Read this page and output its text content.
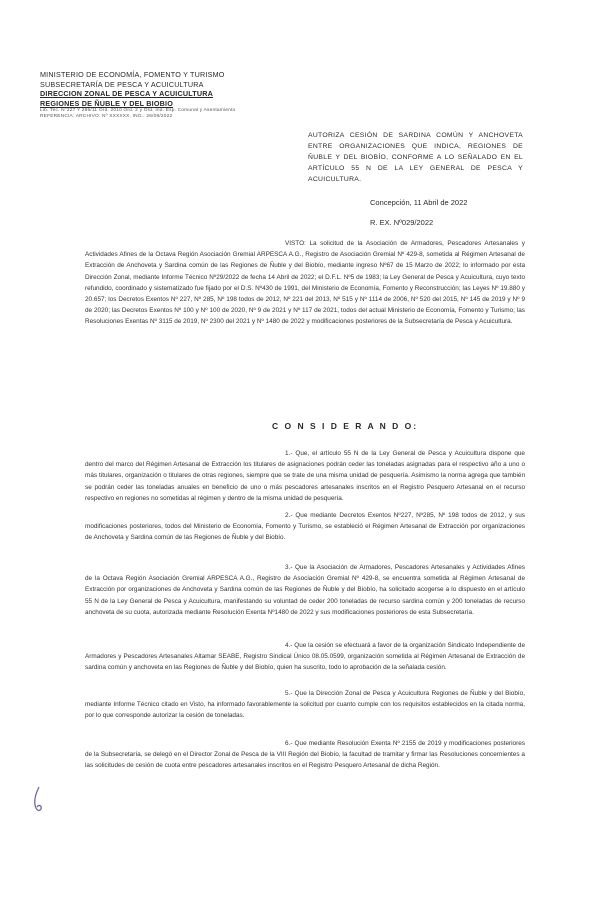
MINISTERIO DE ECONOMÍA, FOMENTO Y TURISMO
SUBSECRETARÍA DE PESCA Y ACUICULTURA
DIRECCION ZONAL DE PESCA Y ACUICULTURA
REGIONES DE ÑUBLE Y DEL BIOBIO
Lib. Tec. N°227 Y 285/11 Ord. 2010 Ord. 2 y Ord. Ind. Esp. Comunal y Asentamiento
REFERENCIA: ARCHIVO: Nº XXXXXX. ING.: 26/08/2022
AUTORIZA CESIÓN DE SARDINA COMÚN Y ANCHOVETA ENTRE ORGANIZACIONES QUE INDICA, REGIONES DE ÑUBLE Y DEL BIOBÍO, CONFORME A LO SEÑALADO EN EL ARTÍCULO 55 N DE LA LEY GENERAL DE PESCA Y ACUICULTURA.
Concepción, 11 Abril de 2022
R. EX. Nº029/2022
VISTO: La solicitud de la Asociación de Armadores, Pescadores Artesanales y Actividades Afines de la Octava Región Asociación Gremial ARPESCA A.G., Registro de Asociación Gremial Nº 429-8, sometida al Régimen Artesanal de Extracción de Anchoveta y Sardina común de las Regiones de Ñuble y del Biobío, mediante ingreso Nº67 de 15 Marzo de 2022; lo informado por esta Dirección Zonal, mediante Informe Técnico Nº29/2022 de fecha 14 Abril de 2022; el D.F.L. Nº5 de 1983; la Ley General de Pesca y Acuicultura, cuyo texto refundido, coordinado y sistematizado fue fijado por el D.S. Nº430 de 1991, del Ministerio de Economía, Fomento y Reconstrucción; las Leyes Nº 19.880 y 20.657; los Decretos Exentos Nº 227, Nº 285, Nº 198 todos de 2012, Nº 221 del 2013, Nº 515 y Nº 1114 de 2006, Nº 520 del 2015, Nº 145 de 2019 y Nº 9 de 2020; las Decretos Exentos Nº 100 y Nº 100 de 2020, Nº 9 de 2021 y Nº 117 de 2021, todos del actual Ministerio de Economía, Fomento y Turismo; las Resoluciones Exentas Nº 3115 de 2019, Nº 2300 del 2021 y Nº 1480 de 2022 y modificaciones posteriores de la Subsecretaría de Pesca y Acuicultura.
C O N S I D E R A N D O:
1.- Que, el artículo 55 N de la Ley General de Pesca y Acuicultura dispone que dentro del marco del Régimen Artesanal de Extracción los titulares de asignaciones podrán ceder las toneladas asignadas para el respectivo año a uno o más titulares, organización o titulares de otras regiones, siempre que se trate de una misma unidad de pesquería. Asimismo la norma agrega que también se podrán ceder las toneladas anuales en beneficio de uno o más pescadores artesanales inscritos en el Registro Pesquero Artesanal en el recurso respectivo en regiones no sometidas al régimen y dentro de la misma unidad de pesquería.
2.- Que mediante Decretos Exentos Nº227, Nº285, Nº 198 todos de 2012, y sus modificaciones posteriores, todos del Ministerio de Economía, Fomento y Turismo, se estableció el Régimen Artesanal de Extracción por organizaciones de Anchoveta y Sardina común de las Regiones de Ñuble y del Biobío.
3.- Que la Asociación de Armadores, Pescadores Artesanales y Actividades Afines de la Octava Región Asociación Gremial ARPESCA A.G., Registro de Asociación Gremial Nº 429-8, se encuentra sometida al Régimen Artesanal de Extracción por organizaciones de Anchoveta y Sardina común de las Regiones de Ñuble y del Biobío, ha solicitado acogerse a lo dispuesto en el artículo 55 N de la Ley General de Pesca y Acuicultura, manifestando su voluntad de ceder 200 toneladas de recurso sardina común y 200 toneladas de recurso anchoveta de su cuota, autorizada mediante Resolución Exenta Nº1480 de 2022 y sus modificaciones posteriores de esta Subsecretaría.
4.- Que la cesión se efectuará a favor de la organización Sindicato Independiente de Armadores y Pescadores Artesanales Altamar SEABE, Registro Sindical Único 08.05.0599, organización sometida al Régimen Artesanal de Extracción de sardina común y anchoveta en las Regiones de Ñuble y del Biobío, quien ha suscrito, todo lo aprobación de la señalada cesión.
5.- Que la Dirección Zonal de Pesca y Acuicultura Regiones de Ñuble y del Biobío, mediante Informe Técnico citado en Visto, ha informado favorablemente la solicitud por cuanto cumple con los requisitos establecidos en la citada norma, por lo que corresponde autorizar la cesión de toneladas.
6.- Que mediante Resolución Exenta Nº 2155 de 2019 y modificaciones posteriores de la Subsecretaría, se delegó en el Director Zonal de Pesca de la VIII Región del Biobío, la facultad de tramitar y firmar las Resoluciones concernientes a las solicitudes de cesión de cuota entre pescadores artesanales inscritos en el Registro Pesquero Artesanal de dicha Región.
